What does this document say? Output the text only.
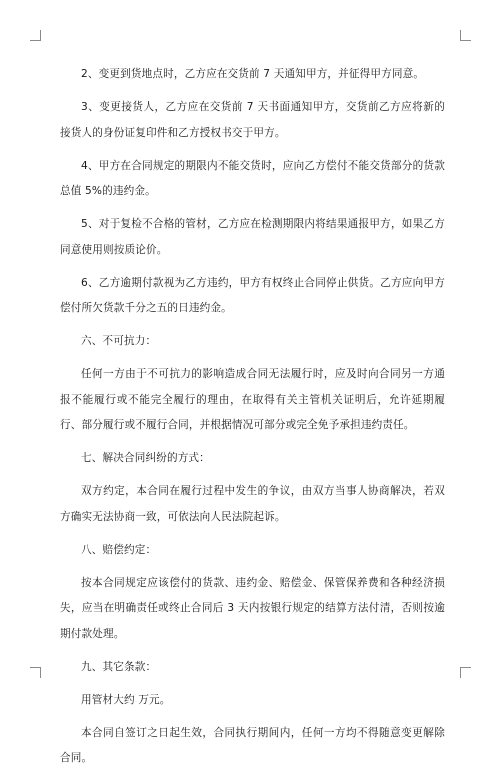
2、变更到货地点时，乙方应在交货前 7 天通知甲方，并征得甲方同意。

3、变更接货人，乙方应在交货前 7 天书面通知甲方，交货前乙方应将新的接货人的身份证复印件和乙方授权书交于甲方。

4、甲方在合同规定的期限内不能交货时，应向乙方偿付不能交货部分的货款总值 5%的违约金。

5、对于复检不合格的管材，乙方应在检测期限内将结果通报甲方，如果乙方同意使用则按质论价。

6、乙方逾期付款视为乙方违约，甲方有权终止合同停止供货。乙方应向甲方偿付所欠货款千分之五的日违约金。

六、不可抗力：

任何一方由于不可抗力的影响造成合同无法履行时，应及时向合同另一方通报不能履行或不能完全履行的理由，在取得有关主管机关证明后，允许延期履行、部分履行或不履行合同，并根据情况可部分或完全免予承担违约责任。

七、解决合同纠纷的方式：

双方约定，本合同在履行过程中发生的争议，由双方当事人协商解决，若双方确实无法协商一致，可依法向人民法院起诉。

八、赔偿约定：

按本合同规定应该偿付的货款、违约金、赔偿金、保管保养费和各种经济损失，应当在明确责任或终止合同后 3 天内按银行规定的结算方法付清，否则按逾期付款处理。

九、其它条款：

用管材大约 万元。

本合同自签订之日起生效，合同执行期间内，任何一方均不得随意变更解除合同。
